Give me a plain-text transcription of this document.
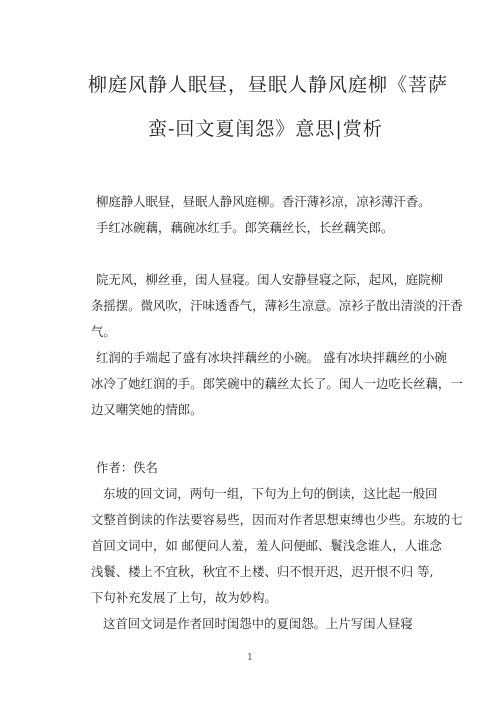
柳庭风静人眠昼，昼眠人静风庭柳《菩萨
蛮-回文夏闺怨》意思|赏析
柳庭静人眠昼，昼眠人静风庭柳。香汗薄衫凉，凉衫薄汗香。
手红冰碗藕，藕碗冰红手。郎笑藕丝长，长丝藕笑郎。
院无风，柳丝垂，闺人昼寝。闺人安静昼寝之际，起风，庭院柳
条摇摆。微风吹，汗味透香气，薄衫生凉意。凉衫子散出清淡的汗香
气。
红润的手端起了盛有冰块拌藕丝的小碗。 盛有冰块拌藕丝的小碗
冰冷了她红润的手。郎笑碗中的藕丝太长了。闺人一边吃长丝藕，一
边又嘲笑她的情郎。
作者：佚名
东坡的回文词，两句一组，下句为上句的倒读，这比起一般回
文整首倒读的作法要容易些，因而对作者思想束缚也少些。东坡的七
首回文词中，如 邮便问人羞，羞人问便邮、鬟浅念谁人，人谁念
浅鬟、楼上不宜秋，秋宜不上楼、归不恨开迟，迟开恨不归 等,
下句补充发展了上句，故为妙构。
这首回文词是作者回时闺怨中的夏闺怨。上片写闺人昼寝
1
